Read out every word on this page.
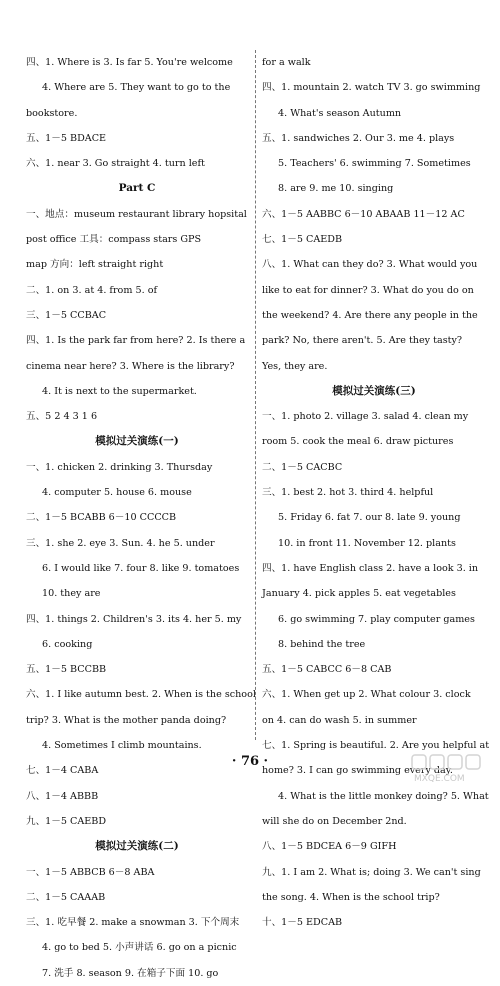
四、1. Where is 3. Is far 5. You're welcome
4. Where are 5. They want to go to the
bookstore.
五、1－5 BDACE
六、1. near 3. Go straight 4. turn left
Part C
一、地点：museum restaurant library hopsital
post office 工具：compass stars GPS
map 方向：left straight right
二、1. on 3. at 4. from 5. of
三、1－5 CCBAC
四、1. Is the park far from here? 2. Is there a
cinema near here? 3. Where is the library?
4. It is next to the supermarket.
五、5 2 4 3 1 6
模拟过关演练(一)
一、1. chicken 2. drinking 3. Thursday
4. computer 5. house 6. mouse
二、1－5 BCABB 6－10 CCCCB
三、1. she 2. eye 3. Sun. 4. he 5. under
6. I would like 7. four 8. like 9. tomatoes
10. they are
四、1. things 2. Children's 3. its 4. her 5. my
6. cooking
五、1－5 BCCBB
六、1. I like autumn best. 2. When is the school
trip? 3. What is the mother panda doing?
4. Sometimes I climb mountains.
七、1－4 CABA
八、1－4 ABBB
九、1－5 CAEBD
模拟过关演练(二)
一、1－5 ABBCB 6－8 ABA
二、1－5 CAAAB
三、1. 吃早餐 2. make a snowman 3. 下个周末
4. go to bed 5. 小声讲话 6. go on a picnic
7. 洗手 8. season 9. 在箱子下面 10. go
for a walk
四、1. mountain 2. watch TV 3. go swimming
4. What's season Autumn
五、1. sandwiches 2. Our 3. me 4. plays
5. Teachers' 6. swimming 7. Sometimes
8. are 9. me 10. singing
六、1－5 AABBC 6－10 ABAAB 11－12 AC
七、1－5 CAEDB
八、1. What can they do? 3. What would you
like to eat for dinner? 3. What do you do on
the weekend? 4. Are there any people in the
park? No, there aren't. 5. Are they tasty?
Yes, they are.
模拟过关演练(三)
一、1. photo 2. village 3. salad 4. clean my
room 5. cook the meal 6. draw pictures
二、1－5 CACBC
三、1. best 2. hot 3. third 4. helpful
5. Friday 6. fat 7. our 8. late 9. young
10. in front 11. November 12. plants
四、1. have English class 2. have a look 3. in
January 4. pick apples 5. eat vegetables
6. go swimming 7. play computer games
8. behind the tree
五、1－5 CABCC 6－8 CAB
六、1. When get up 2. What colour 3. clock
on 4. can do wash 5. in summer
七、1. Spring is beautiful. 2. Are you helpful at
home? 3. I can go swimming every day.
4. What is the little monkey doing? 5. What
will she do on December 2nd.
八、1－5 BDCEA 6－9 GIFH
九、1. I am 2. What is; doing 3. We can't sing
the song. 4. When is the school trip?
十、1－5 EDCAB
· 76 ·
MXQE.COM
